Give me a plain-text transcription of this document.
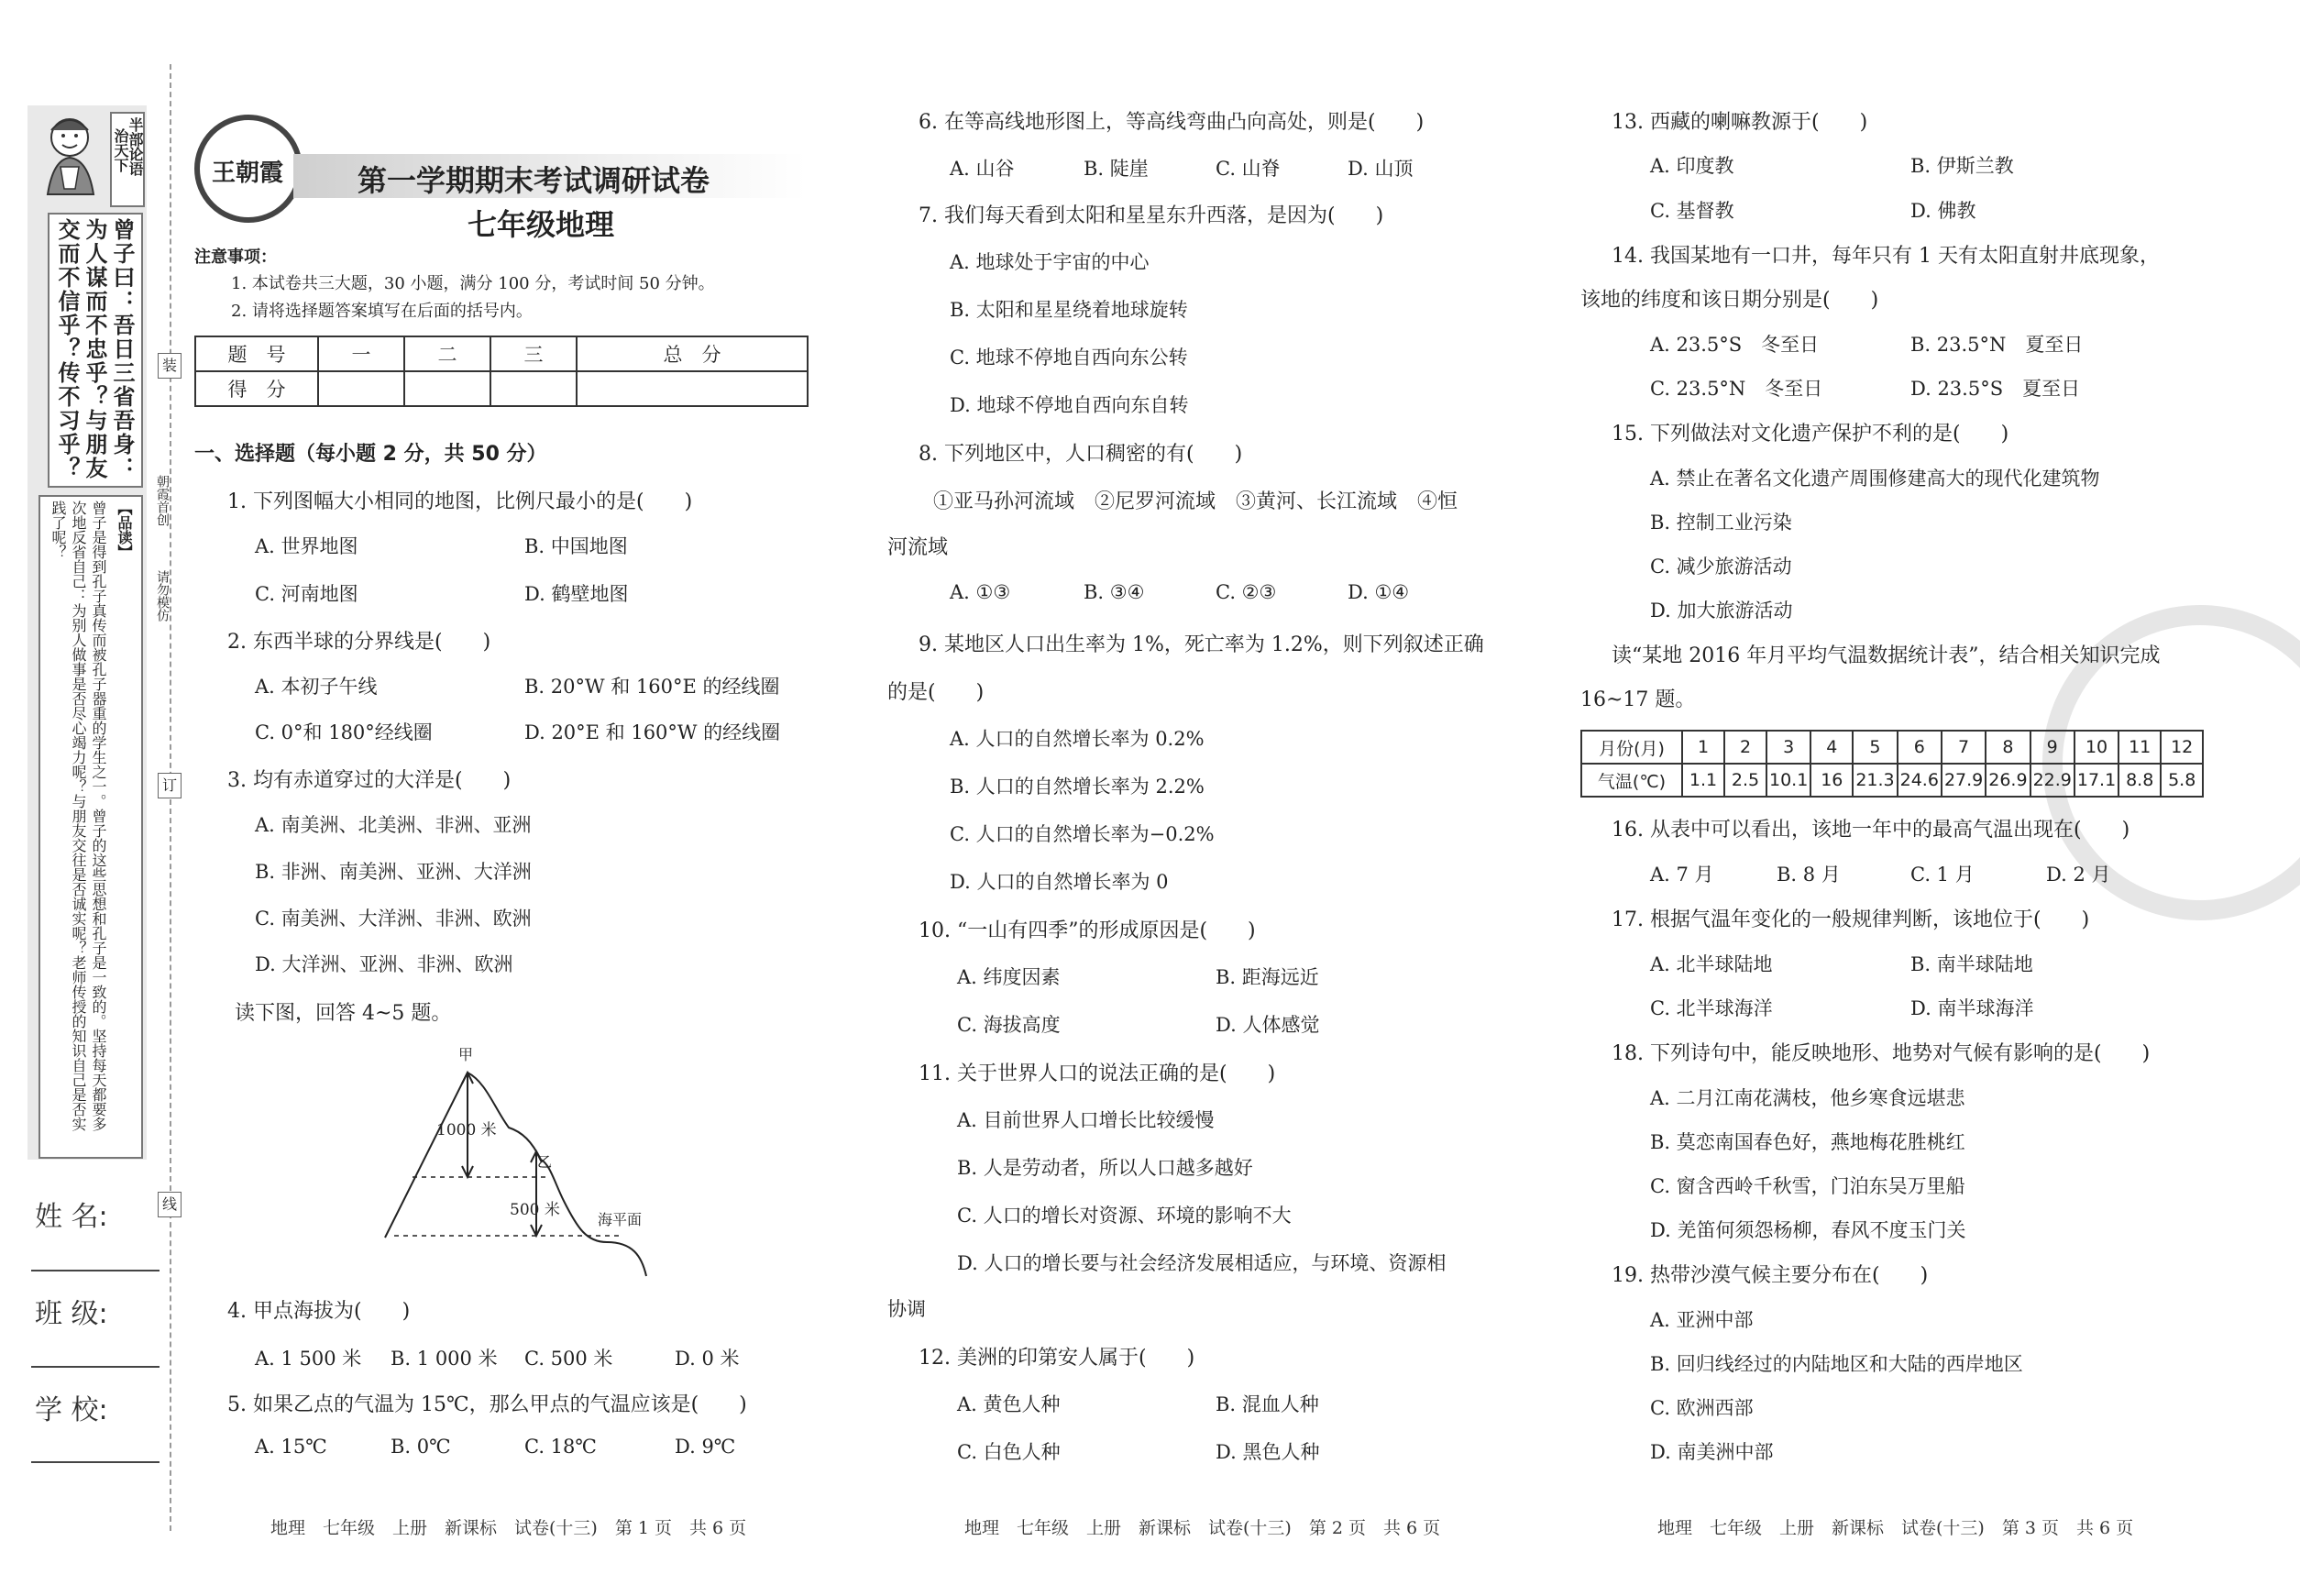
半部论语
治天下
曾子曰：吾日三省吾身：为人谋而不忠乎？与朋友交而不信乎？传不习乎？
【品读】
曾子是得到孔子真传而被孔子器重的学生之一。曾子的这些思想和孔子是一致的。坚持每天都要多次地反省自己：为别人做事是否尽心竭力呢？与朋友交往是否诚实呢？老师传授的知识自己是否实践了呢？
姓 名:
班 级:
学 校:
装
订
线
朝霞首创
请勿模仿
王朝霞	第一学期期末考试调研试卷
七年级地理
注意事项：
1. 本试卷共三大题，30 小题，满分 100 分，考试时间 50 分钟。
2. 请将选择题答案填写在后面的括号内。
题　号	一	二	三	总　分
得　分				
一、选择题（每小题 2 分，共 50 分）
1. 下列图幅大小相同的地图，比例尺最小的是(　　)
A. 世界地图	B. 中国地图
C. 河南地图	D. 鹤壁地图
2. 东西半球的分界线是(　　)
A. 本初子午线	B. 20°W 和 160°E 的经线圈
C. 0°和 180°经线圈	D. 20°E 和 160°W 的经线圈
3. 均有赤道穿过的大洋是(　　)
A. 南美洲、北美洲、非洲、亚洲
B. 非洲、南美洲、亚洲、大洋洲
C. 南美洲、大洋洲、非洲、欧洲
D. 大洋洲、亚洲、非洲、欧洲
读下图，回答 4~5 题。
甲
乙
1000 米
500 米
海平面
4. 甲点海拔为(　　)
A. 1 500 米 B. 1 000 米 C. 500 米	D. 0 米
5. 如果乙点的气温为 15℃，那么甲点的气温应该是(　　)
A. 15℃	B. 0℃	C. 18℃	D. 9℃
地理　七年级　上册　新课标　试卷(十三)　第 1 页　共 6 页
6. 在等高线地形图上，等高线弯曲凸向高处，则是(　　)
A. 山谷	B. 陡崖	C. 山脊	D. 山顶
7. 我们每天看到太阳和星星东升西落，是因为(　　)
A. 地球处于宇宙的中心
B. 太阳和星星绕着地球旋转
C. 地球不停地自西向东公转
D. 地球不停地自西向东自转
8. 下列地区中，人口稠密的有(　　)
①亚马孙河流域　②尼罗河流域　③黄河、长江流域　④恒
河流域
A. ①③	B. ③④	C. ②③	D. ①④
9. 某地区人口出生率为 1%，死亡率为 1.2%，则下列叙述正确
的是(　　)
A. 人口的自然增长率为 0.2%
B. 人口的自然增长率为 2.2%
C. 人口的自然增长率为−0.2%
D. 人口的自然增长率为 0
10. “一山有四季”的形成原因是(　　)
A. 纬度因素	B. 距海远近
C. 海拔高度	D. 人体感觉
11. 关于世界人口的说法正确的是(　　)
A. 目前世界人口增长比较缓慢
B. 人是劳动者，所以人口越多越好
C. 人口的增长对资源、环境的影响不大
D. 人口的增长要与社会经济发展相适应，与环境、资源相
协调
12. 美洲的印第安人属于(　　)
A. 黄色人种	B. 混血人种
C. 白色人种	D. 黑色人种
地理　七年级　上册　新课标　试卷(十三)　第 2 页　共 6 页
13. 西藏的喇嘛教源于(　　)
A. 印度教	B. 伊斯兰教
C. 基督教	D. 佛教
14. 我国某地有一口井，每年只有 1 天有太阳直射井底现象，
该地的纬度和该日期分别是(　　)
A. 23.5°S　冬至日	B. 23.5°N　夏至日
C. 23.5°N　冬至日	D. 23.5°S　夏至日
15. 下列做法对文化遗产保护不利的是(　　)
A. 禁止在著名文化遗产周围修建高大的现代化建筑物
B. 控制工业污染
C. 减少旅游活动
D. 加大旅游活动
读“某地 2016 年月平均气温数据统计表”，结合相关知识完成
16~17 题。
月份(月)	1	2	3	4	5	6	7	8	9	10	11	12
气温(℃)	1.1	2.5	10.1	16	21.3	24.6	27.9	26.9	22.9	17.1	8.8	5.8
16. 从表中可以看出，该地一年中的最高气温出现在(　　)
A. 7 月	B. 8 月	C. 1 月	D. 2 月
17. 根据气温年变化的一般规律判断，该地位于(　　)
A. 北半球陆地	B. 南半球陆地
C. 北半球海洋	D. 南半球海洋
18. 下列诗句中，能反映地形、地势对气候有影响的是(　　)
A. 二月江南花满枝，他乡寒食远堪悲
B. 莫恋南国春色好，燕地梅花胜桃红
C. 窗含西岭千秋雪，门泊东吴万里船
D. 羌笛何须怨杨柳，春风不度玉门关
19. 热带沙漠气候主要分布在(　　)
A. 亚洲中部
B. 回归线经过的内陆地区和大陆的西岸地区
C. 欧洲西部
D. 南美洲中部
地理　七年级　上册　新课标　试卷(十三)　第 3 页　共 6 页
